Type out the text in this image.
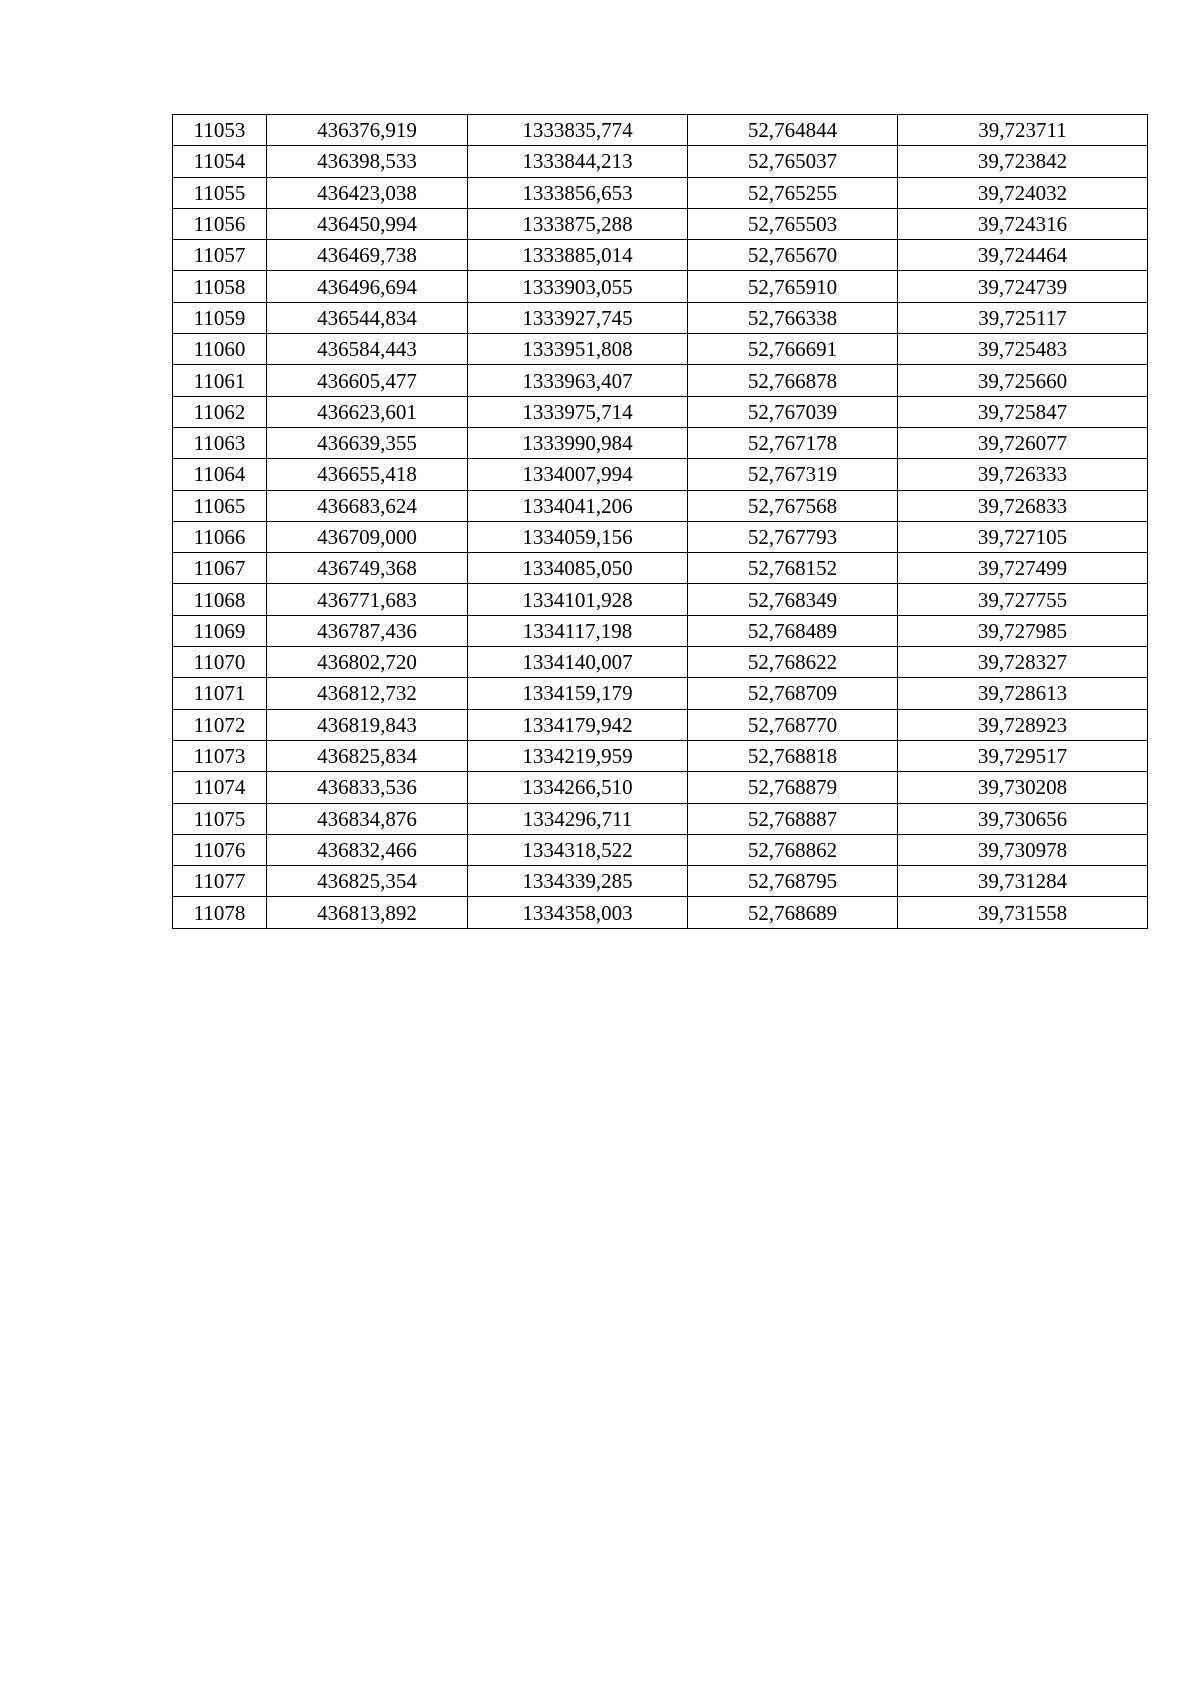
11053	436376,919	1333835,774	52,764844	39,723711
11054	436398,533	1333844,213	52,765037	39,723842
11055	436423,038	1333856,653	52,765255	39,724032
11056	436450,994	1333875,288	52,765503	39,724316
11057	436469,738	1333885,014	52,765670	39,724464
11058	436496,694	1333903,055	52,765910	39,724739
11059	436544,834	1333927,745	52,766338	39,725117
11060	436584,443	1333951,808	52,766691	39,725483
11061	436605,477	1333963,407	52,766878	39,725660
11062	436623,601	1333975,714	52,767039	39,725847
11063	436639,355	1333990,984	52,767178	39,726077
11064	436655,418	1334007,994	52,767319	39,726333
11065	436683,624	1334041,206	52,767568	39,726833
11066	436709,000	1334059,156	52,767793	39,727105
11067	436749,368	1334085,050	52,768152	39,727499
11068	436771,683	1334101,928	52,768349	39,727755
11069	436787,436	1334117,198	52,768489	39,727985
11070	436802,720	1334140,007	52,768622	39,728327
11071	436812,732	1334159,179	52,768709	39,728613
11072	436819,843	1334179,942	52,768770	39,728923
11073	436825,834	1334219,959	52,768818	39,729517
11074	436833,536	1334266,510	52,768879	39,730208
11075	436834,876	1334296,711	52,768887	39,730656
11076	436832,466	1334318,522	52,768862	39,730978
11077	436825,354	1334339,285	52,768795	39,731284
11078	436813,892	1334358,003	52,768689	39,731558
